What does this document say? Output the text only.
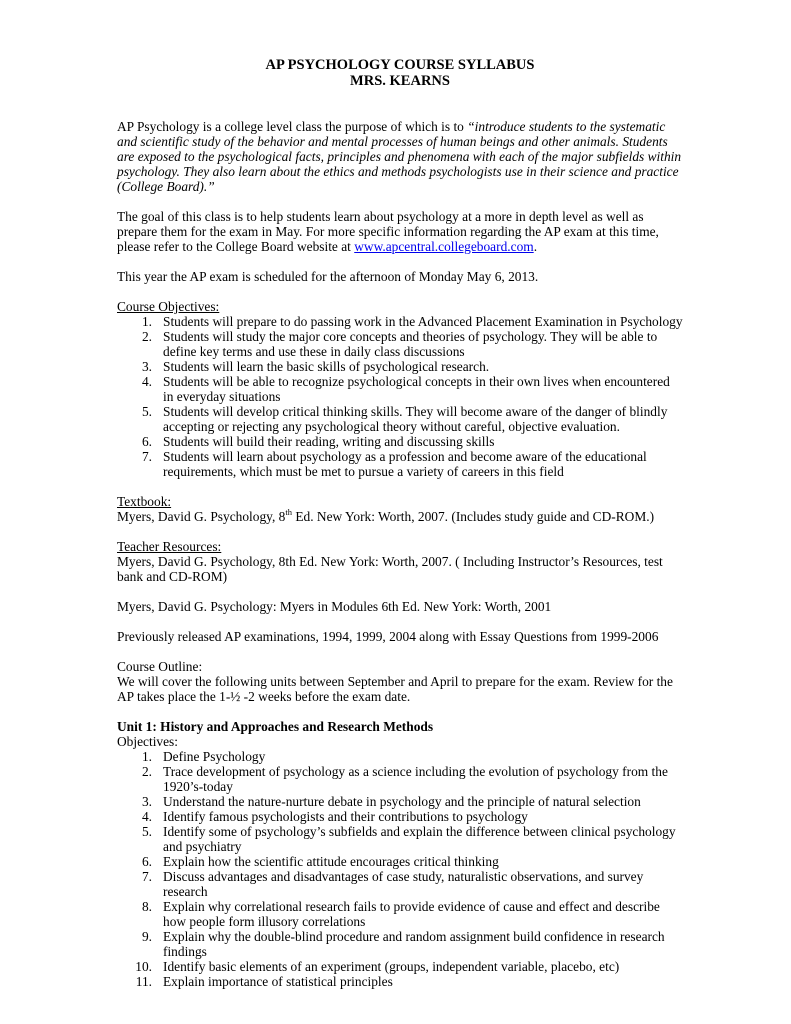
AP PSYCHOLOGY COURSE SYLLABUS

MRS. KEARNS

AP Psychology is a college level class the purpose of which is to “introduce students to the systematic and scientific study of the behavior and mental processes of human beings and other animals. Students are exposed to the psychological facts, principles and phenomena with each of the major subfields within psychology. They also learn about the ethics and methods psychologists use in their science and practice (College Board).”

The goal of this class is to help students learn about psychology at a more in depth level as well as prepare them for the exam in May. For more specific information regarding the AP exam at this time, please refer to the College Board website at www.apcentral.collegeboard.com.

This year the AP exam is scheduled for the afternoon of Monday May 6, 2013.

Course Objectives:

1. Students will prepare to do passing work in the Advanced Placement Examination in Psychology
2. Students will study the major core concepts and theories of psychology. They will be able to define key terms and use these in daily class discussions
3. Students will learn the basic skills of psychological research.
4. Students will be able to recognize psychological concepts in their own lives when encountered in everyday situations
5. Students will develop critical thinking skills. They will become aware of the danger of blindly accepting or rejecting any psychological theory without careful, objective evaluation.
6. Students will build their reading, writing and discussing skills
7. Students will learn about psychology as a profession and become aware of the educational requirements, which must be met to pursue a variety of careers in this field

Textbook:

Myers, David G. Psychology, 8th Ed. New York: Worth, 2007. (Includes study guide and CD-ROM.)

Teacher Resources:

Myers, David G. Psychology, 8th Ed. New York: Worth, 2007. ( Including Instructor’s Resources, test bank and CD-ROM)

Myers, David G. Psychology: Myers in Modules 6th Ed. New York: Worth, 2001

Previously released AP examinations, 1994, 1999, 2004 along with Essay Questions from 1999-2006

Course Outline:

We will cover the following units between September and April to prepare for the exam. Review for the AP takes place the 1-½ -2 weeks before the exam date.

Unit 1: History and Approaches and Research Methods

Objectives:

1. Define Psychology
2. Trace development of psychology as a science including the evolution of psychology from the 1920’s-today
3. Understand the nature-nurture debate in psychology and the principle of natural selection
4. Identify famous psychologists and their contributions to psychology
5. Identify some of psychology’s subfields and explain the difference between clinical psychology and psychiatry
6. Explain how the scientific attitude encourages critical thinking
7. Discuss advantages and disadvantages of case study, naturalistic observations, and survey research
8. Explain why correlational research fails to provide evidence of cause and effect and describe how people form illusory correlations
9. Explain why the double-blind procedure and random assignment build confidence in research findings
10. Identify basic elements of an experiment (groups, independent variable, placebo, etc)
11. Explain importance of statistical principles
